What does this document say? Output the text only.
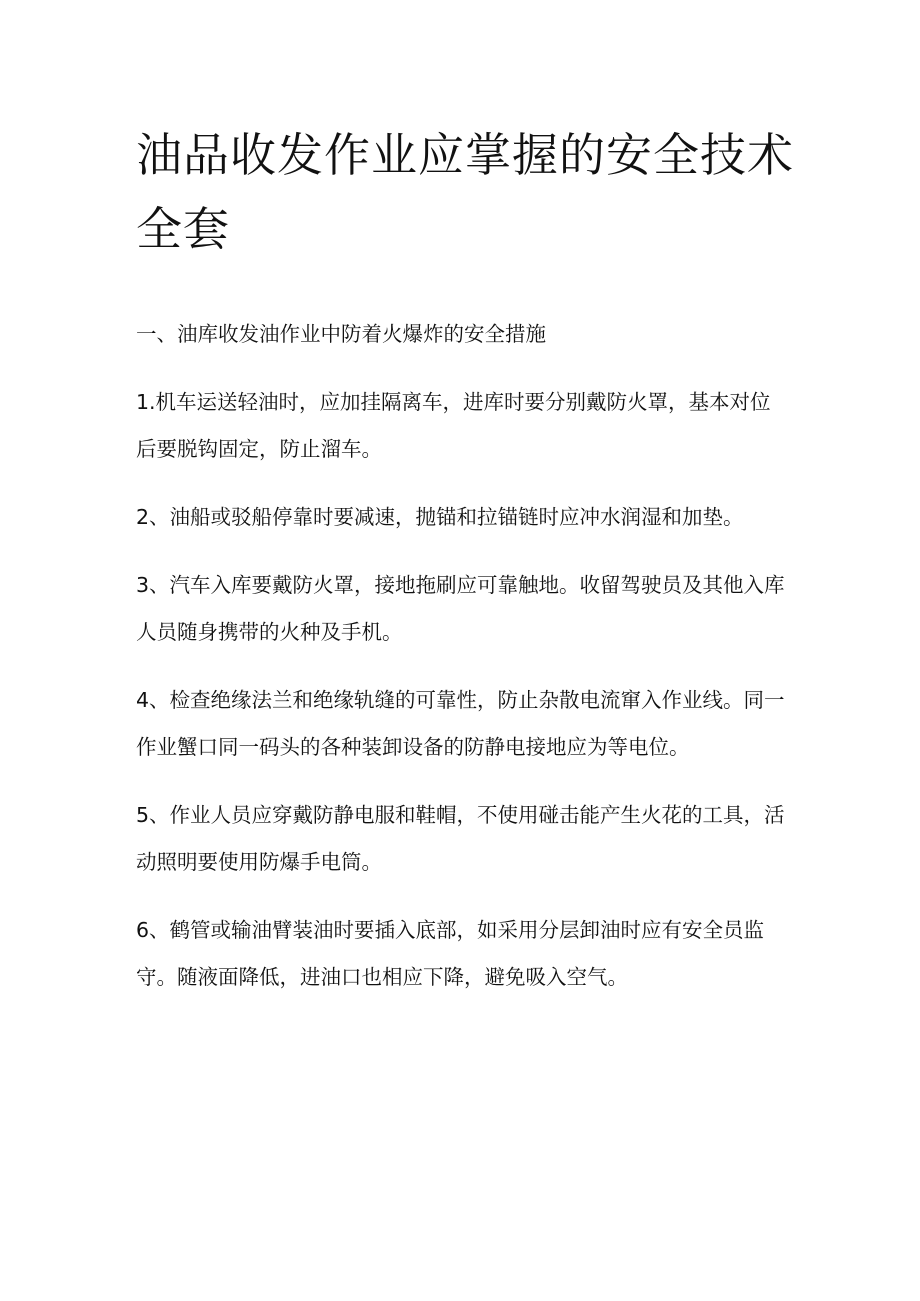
油品收发作业应掌握的安全技术全套

一、油库收发油作业中防着火爆炸的安全措施

1.机车运送轻油时，应加挂隔离车，进库时要分别戴防火罩，基本对位后要脱钩固定，防止溜车。

2、油船或驳船停靠时要减速，抛锚和拉锚链时应冲水润湿和加垫。

3、汽车入库要戴防火罩，接地拖刷应可靠触地。收留驾驶员及其他入库人员随身携带的火种及手机。

4、检查绝缘法兰和绝缘轨缝的可靠性，防止杂散电流窜入作业线。同一作业蟹口同一码头的各种装卸设备的防静电接地应为等电位。

5、作业人员应穿戴防静电服和鞋帽，不使用碰击能产生火花的工具，活动照明要使用防爆手电筒。

6、鹤管或输油臂装油时要插入底部，如采用分层卸油时应有安全员监守。随液面降低，进油口也相应下降，避免吸入空气。
